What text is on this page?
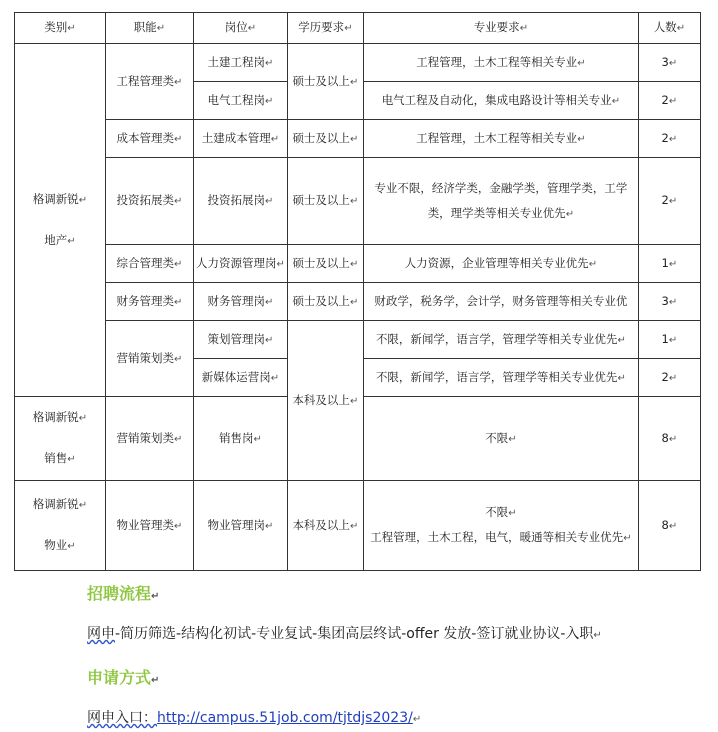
类别↵	职能↵	岗位↵	学历要求↵	专业要求↵	人数↵
格调新锐↵
地产↵	工程管理类↵	土建工程岗↵	硕士及以上↵	工程管理，土木工程等相关专业↵	3↵
		电气工程岗↵		电气工程及自动化，集成电路设计等相关专业↵	2↵
	成本管理类↵	土建成本管理↵	硕士及以上↵	工程管理，土木工程等相关专业↵	2↵
	投资拓展类↵	投资拓展岗↵	硕士及以上↵	专业不限，经济学类，金融学类，管理学类，工学
类，理学类等相关专业优先↵	2↵
	综合管理类↵	人力资源管理岗↵	硕士及以上↵	人力资源，企业管理等相关专业优先↵	1↵
	财务管理类↵	财务管理岗↵	硕士及以上↵	财政学，税务学，会计学，财务管理等相关专业优	3↵
	营销策划类↵	策划管理岗↵	本科及以上↵	不限，新闻学，语言学，管理学等相关专业优先↵	1↵
		新媒体运营岗↵		不限，新闻学，语言学，管理学等相关专业优先↵	2↵
格调新锐↵
销售↵	营销策划类↵	销售岗↵		不限↵	8↵
格调新锐↵
物业↵	物业管理类↵	物业管理岗↵	本科及以上↵	不限↵
工程管理，土木工程，电气，暖通等相关专业优先↵	8↵
招聘流程↵
网申-简历筛选-结构化初试-专业复试-集团高层终试-offer 发放-签订就业协议-入职↵
申请方式↵
网申入口：http://campus.51job.com/tjtdjs2023/↵
